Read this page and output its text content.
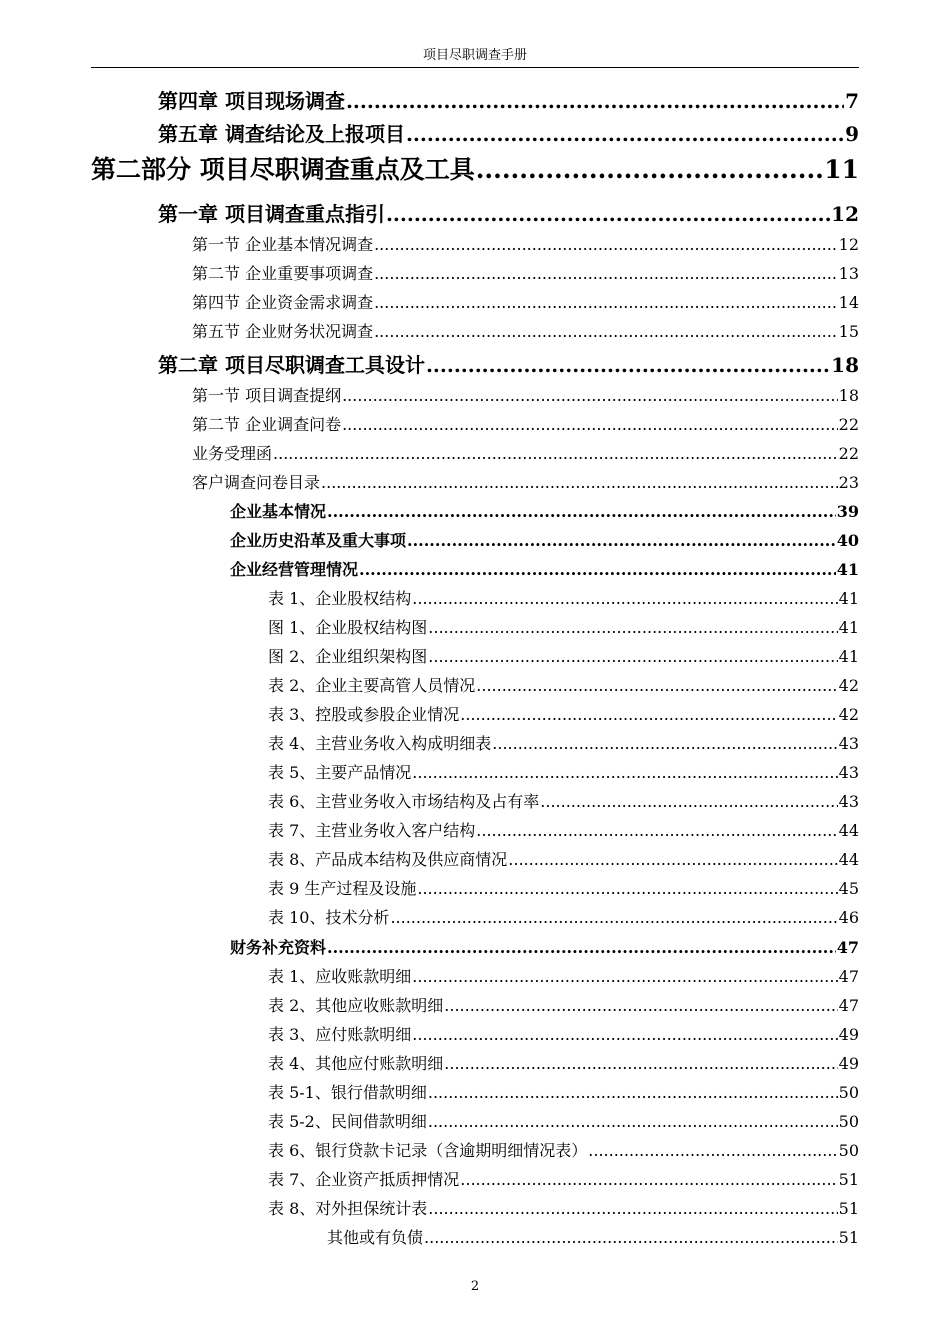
项目尽职调查手册
第四章 项目现场调查 .....	7
第五章 调查结论及上报项目 .....	9
第二部分 项目尽职调查重点及工具 .....	11
第一章 项目调查重点指引 .....	12
第一节 企业基本情况调查 .....	12
第二节 企业重要事项调查 .....	13
第四节 企业资金需求调查 .....	14
第五节 企业财务状况调查 .....	15
第二章 项目尽职调查工具设计 .....	18
第一节 项目调查提纲 .....	18
第二节 企业调查问卷 .....	22
业务受理函 .....	22
客户调查问卷目录 .....	23
企业基本情况 .....	39
企业历史沿革及重大事项 .....	40
企业经营管理情况 .....	41
表 1、企业股权结构 .....	41
图 1、企业股权结构图 .....	41
图 2、企业组织架构图 .....	41
表 2、企业主要高管人员情况 .....	42
表 3、控股或参股企业情况 .....	42
表 4、主营业务收入构成明细表 .....	43
表 5、主要产品情况 .....	43
表 6、主营业务收入市场结构及占有率 .....	43
表 7、主营业务收入客户结构 .....	44
表 8、产品成本结构及供应商情况 .....	44
表 9 生产过程及设施 .....	45
表 10、技术分析 .....	46
财务补充资料 .....	47
表 1、应收账款明细 .....	47
表 2、其他应收账款明细 .....	47
表 3、应付账款明细 .....	49
表 4、其他应付账款明细 .....	49
表 5-1、银行借款明细 .....	50
表 5-2、民间借款明细 .....	50
表 6、银行贷款卡记录（含逾期明细情况表） .....	50
表 7、企业资产抵质押情况 .....	51
表 8、对外担保统计表 .....	51
其他或有负债 .....	51
2
